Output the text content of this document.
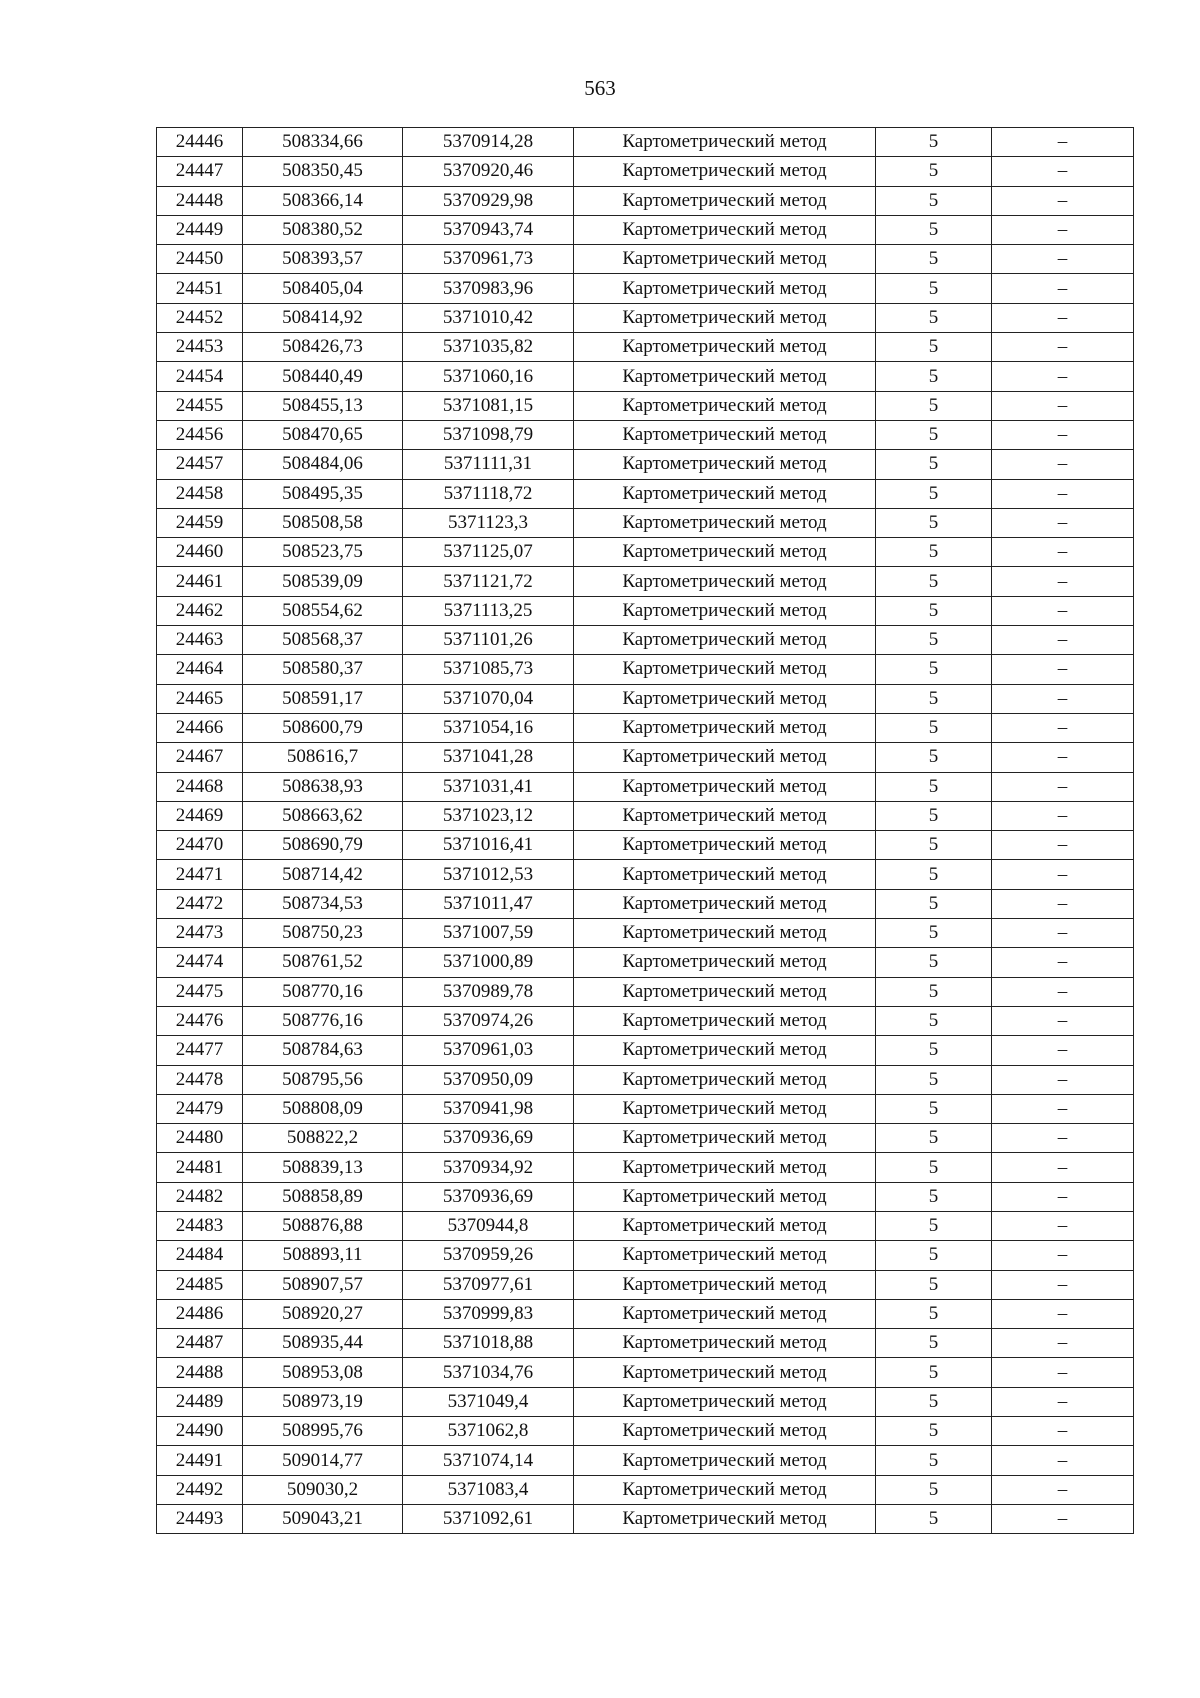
563
24446	508334,66	5370914,28	Картометрический метод	5	–
24447	508350,45	5370920,46	Картометрический метод	5	–
24448	508366,14	5370929,98	Картометрический метод	5	–
24449	508380,52	5370943,74	Картометрический метод	5	–
24450	508393,57	5370961,73	Картометрический метод	5	–
24451	508405,04	5370983,96	Картометрический метод	5	–
24452	508414,92	5371010,42	Картометрический метод	5	–
24453	508426,73	5371035,82	Картометрический метод	5	–
24454	508440,49	5371060,16	Картометрический метод	5	–
24455	508455,13	5371081,15	Картометрический метод	5	–
24456	508470,65	5371098,79	Картометрический метод	5	–
24457	508484,06	5371111,31	Картометрический метод	5	–
24458	508495,35	5371118,72	Картометрический метод	5	–
24459	508508,58	5371123,3	Картометрический метод	5	–
24460	508523,75	5371125,07	Картометрический метод	5	–
24461	508539,09	5371121,72	Картометрический метод	5	–
24462	508554,62	5371113,25	Картометрический метод	5	–
24463	508568,37	5371101,26	Картометрический метод	5	–
24464	508580,37	5371085,73	Картометрический метод	5	–
24465	508591,17	5371070,04	Картометрический метод	5	–
24466	508600,79	5371054,16	Картометрический метод	5	–
24467	508616,7	5371041,28	Картометрический метод	5	–
24468	508638,93	5371031,41	Картометрический метод	5	–
24469	508663,62	5371023,12	Картометрический метод	5	–
24470	508690,79	5371016,41	Картометрический метод	5	–
24471	508714,42	5371012,53	Картометрический метод	5	–
24472	508734,53	5371011,47	Картометрический метод	5	–
24473	508750,23	5371007,59	Картометрический метод	5	–
24474	508761,52	5371000,89	Картометрический метод	5	–
24475	508770,16	5370989,78	Картометрический метод	5	–
24476	508776,16	5370974,26	Картометрический метод	5	–
24477	508784,63	5370961,03	Картометрический метод	5	–
24478	508795,56	5370950,09	Картометрический метод	5	–
24479	508808,09	5370941,98	Картометрический метод	5	–
24480	508822,2	5370936,69	Картометрический метод	5	–
24481	508839,13	5370934,92	Картометрический метод	5	–
24482	508858,89	5370936,69	Картометрический метод	5	–
24483	508876,88	5370944,8	Картометрический метод	5	–
24484	508893,11	5370959,26	Картометрический метод	5	–
24485	508907,57	5370977,61	Картометрический метод	5	–
24486	508920,27	5370999,83	Картометрический метод	5	–
24487	508935,44	5371018,88	Картометрический метод	5	–
24488	508953,08	5371034,76	Картометрический метод	5	–
24489	508973,19	5371049,4	Картометрический метод	5	–
24490	508995,76	5371062,8	Картометрический метод	5	–
24491	509014,77	5371074,14	Картометрический метод	5	–
24492	509030,2	5371083,4	Картометрический метод	5	–
24493	509043,21	5371092,61	Картометрический метод	5	–
